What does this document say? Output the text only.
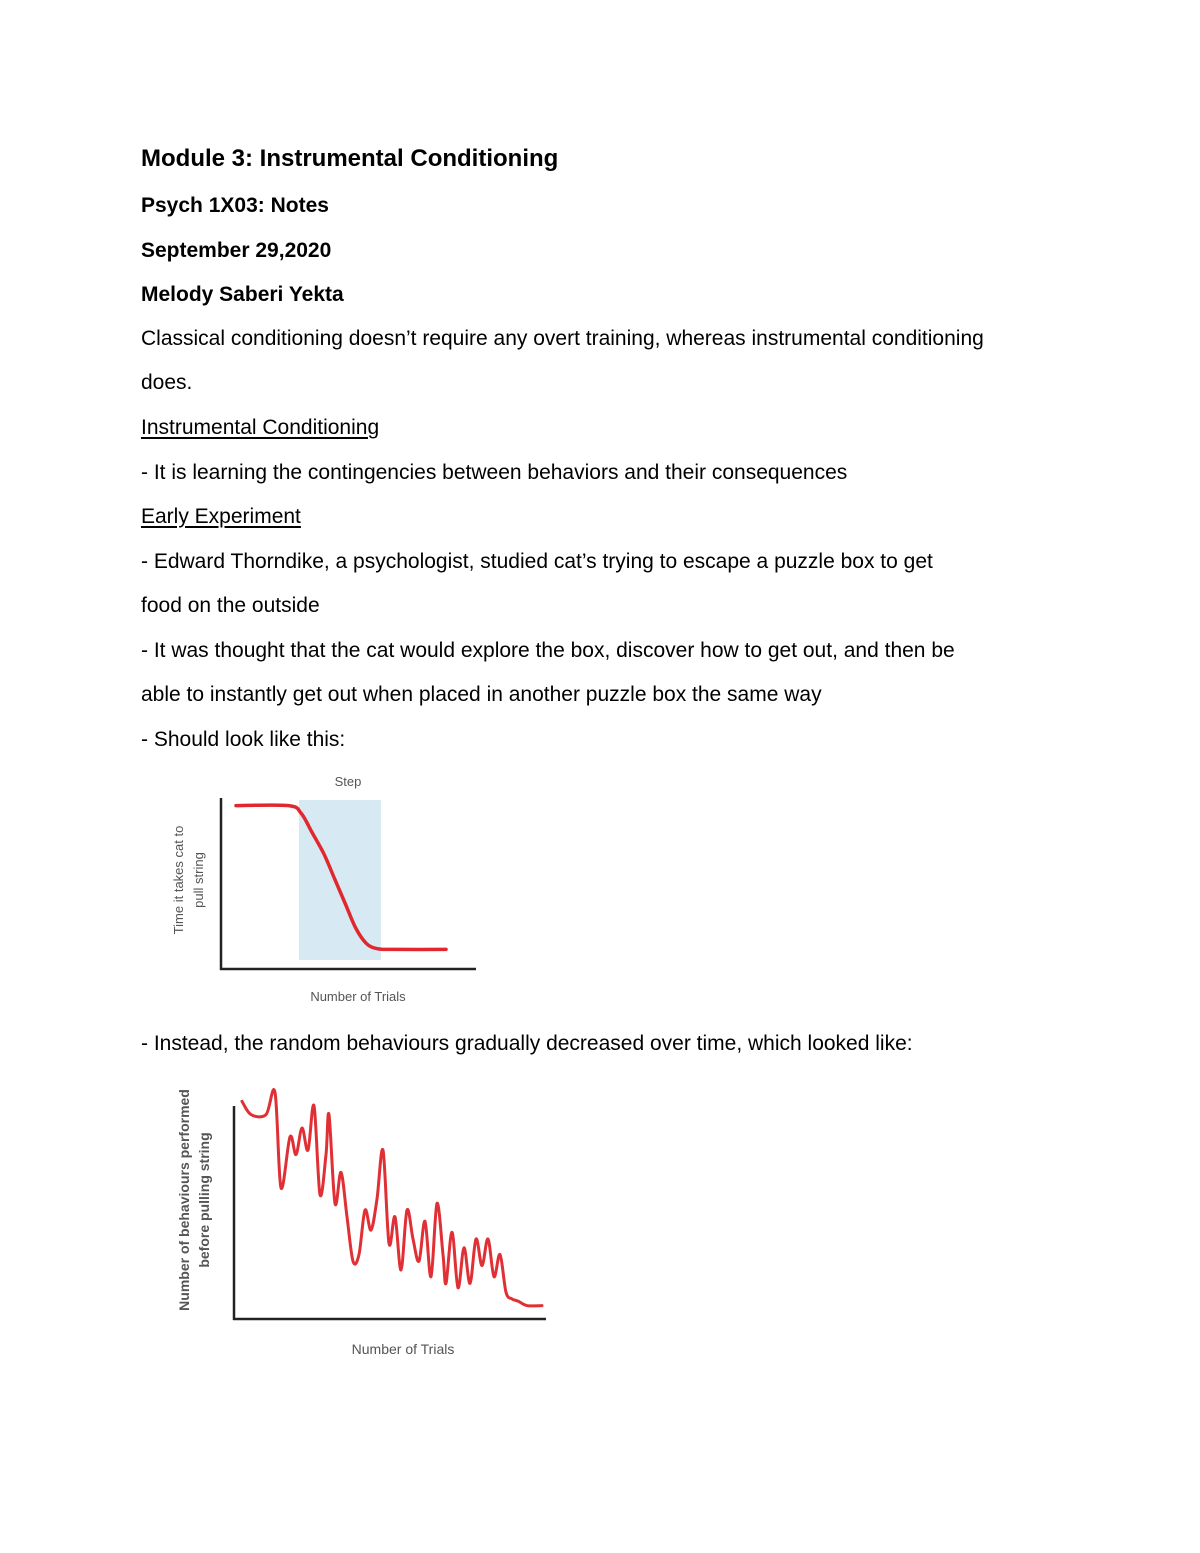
Module 3: Instrumental Conditioning
Psych 1X03: Notes
September 29,2020
Melody Saberi Yekta
Classical conditioning doesn’t require any overt training, whereas instrumental conditioning
does.
Instrumental Conditioning
- It is learning the contingencies between behaviors and their consequences
Early Experiment
- Edward Thorndike, a psychologist, studied cat’s trying to escape a puzzle box to get
food on the outside
- It was thought that the cat would explore the box, discover how to get out, and then be
able to instantly get out when placed in another puzzle box the same way
- Should look like this:
Step
Number of Trials
Time it takes cat to pull string
- Instead, the random behaviours gradually decreased over time, which looked like:
Number of Trials
Number of behaviours performed before pulling string
